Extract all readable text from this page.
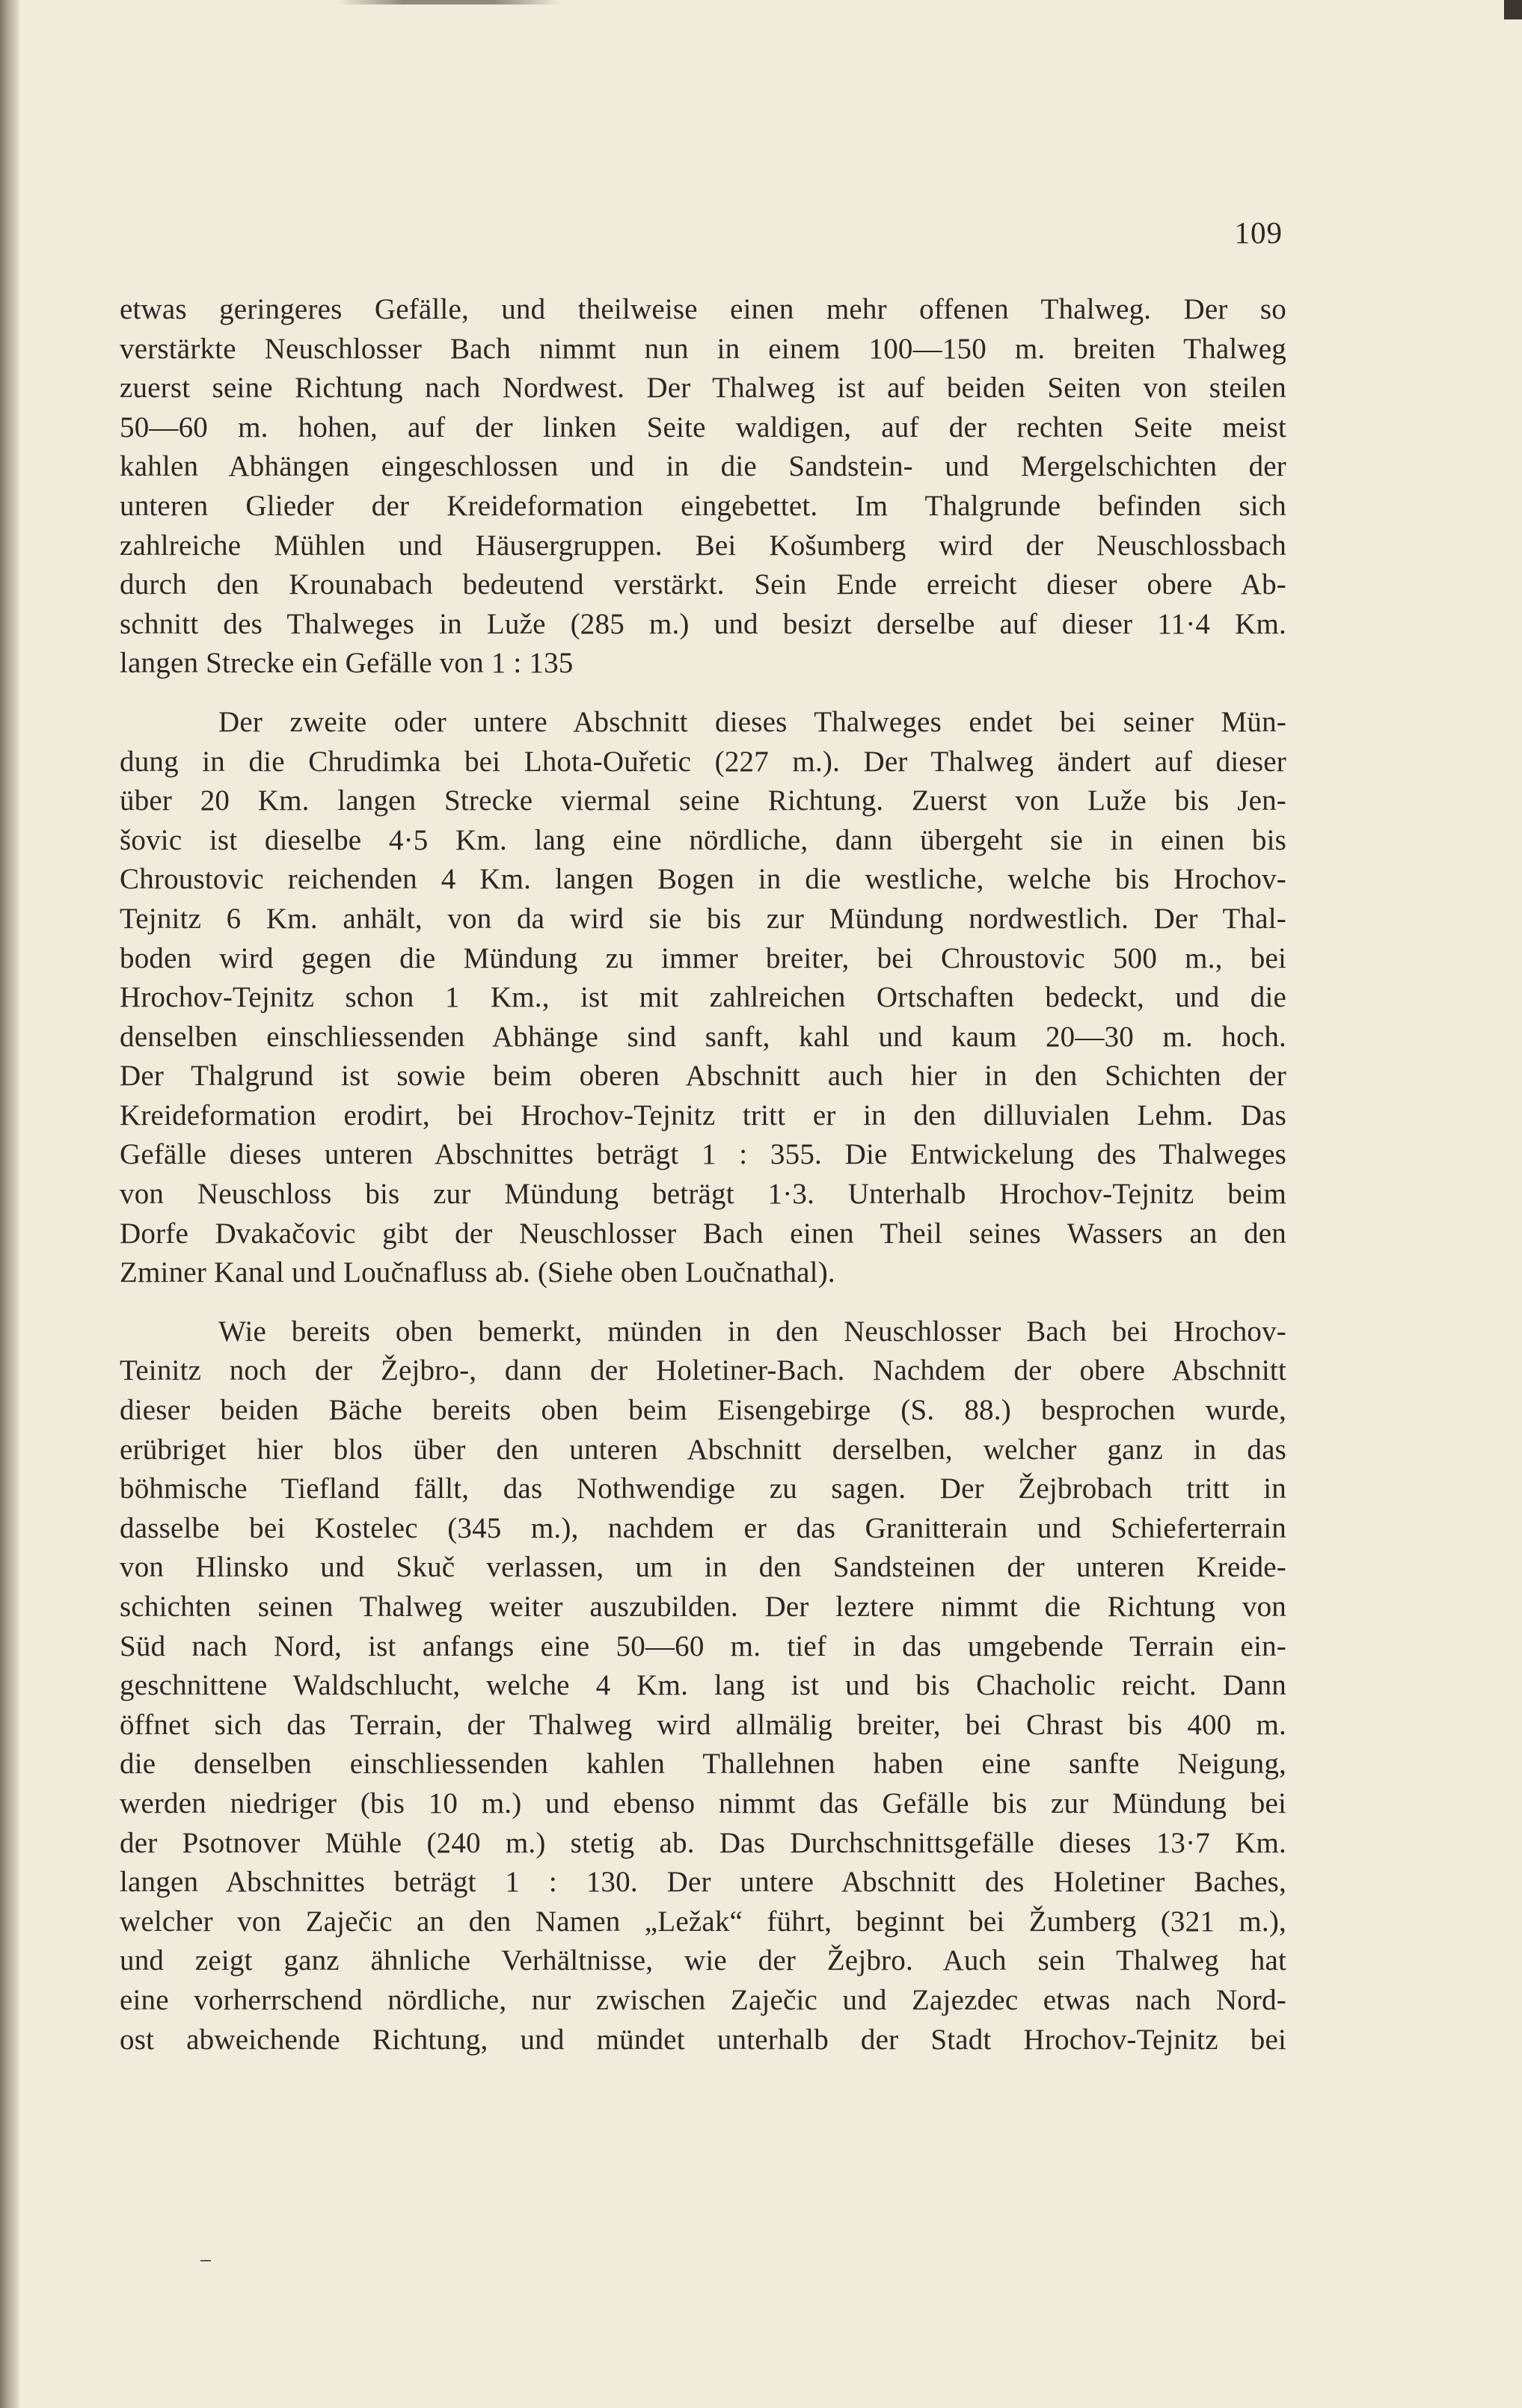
109
etwas geringeres Gefälle, und theilweise einen mehr offenen Thalweg. Der so
verstärkte Neuschlosser Bach nimmt nun in einem 100—150 m. breiten Thalweg
zuerst seine Richtung nach Nordwest. Der Thalweg ist auf beiden Seiten von steilen
50—60 m. hohen, auf der linken Seite waldigen, auf der rechten Seite meist
kahlen Abhängen eingeschlossen und in die Sandstein- und Mergelschichten der
unteren Glieder der Kreideformation eingebettet. Im Thalgrunde befinden sich
zahlreiche Mühlen und Häusergruppen. Bei Košumberg wird der Neuschlossbach
durch den Krounabach bedeutend verstärkt. Sein Ende erreicht dieser obere Ab-
schnitt des Thalweges in Luže (285 m.) und besizt derselbe auf dieser 11·4 Km.
langen Strecke ein Gefälle von 1 : 135
Der zweite oder untere Abschnitt dieses Thalweges endet bei seiner Mün-
dung in die Chrudimka bei Lhota-Ouřetic (227 m.). Der Thalweg ändert auf dieser
über 20 Km. langen Strecke viermal seine Richtung. Zuerst von Luže bis Jen-
šovic ist dieselbe 4·5 Km. lang eine nördliche, dann übergeht sie in einen bis
Chroustovic reichenden 4 Km. langen Bogen in die westliche, welche bis Hrochov-
Tejnitz 6 Km. anhält, von da wird sie bis zur Mündung nordwestlich. Der Thal-
boden wird gegen die Mündung zu immer breiter, bei Chroustovic 500 m., bei
Hrochov-Tejnitz schon 1 Km., ist mit zahlreichen Ortschaften bedeckt, und die
denselben einschliessenden Abhänge sind sanft, kahl und kaum 20—30 m. hoch.
Der Thalgrund ist sowie beim oberen Abschnitt auch hier in den Schichten der
Kreideformation erodirt, bei Hrochov-Tejnitz tritt er in den dilluvialen Lehm. Das
Gefälle dieses unteren Abschnittes beträgt 1 : 355. Die Entwickelung des Thalweges
von Neuschloss bis zur Mündung beträgt 1·3. Unterhalb Hrochov-Tejnitz beim
Dorfe Dvakačovic gibt der Neuschlosser Bach einen Theil seines Wassers an den
Zminer Kanal und Loučnafluss ab. (Siehe oben Loučnathal).
Wie bereits oben bemerkt, münden in den Neuschlosser Bach bei Hrochov-
Teinitz noch der Žejbro-, dann der Holetiner-Bach. Nachdem der obere Abschnitt
dieser beiden Bäche bereits oben beim Eisengebirge (S. 88.) besprochen wurde,
erübriget hier blos über den unteren Abschnitt derselben, welcher ganz in das
böhmische Tiefland fällt, das Nothwendige zu sagen. Der Žejbrobach tritt in
dasselbe bei Kostelec (345 m.), nachdem er das Granitterain und Schieferterrain
von Hlinsko und Skuč verlassen, um in den Sandsteinen der unteren Kreide-
schichten seinen Thalweg weiter auszubilden. Der leztere nimmt die Richtung von
Süd nach Nord, ist anfangs eine 50—60 m. tief in das umgebende Terrain ein-
geschnittene Waldschlucht, welche 4 Km. lang ist und bis Chacholic reicht. Dann
öffnet sich das Terrain, der Thalweg wird allmälig breiter, bei Chrast bis 400 m.
die denselben einschliessenden kahlen Thallehnen haben eine sanfte Neigung,
werden niedriger (bis 10 m.) und ebenso nimmt das Gefälle bis zur Mündung bei
der Psotnover Mühle (240 m.) stetig ab. Das Durchschnittsgefälle dieses 13·7 Km.
langen Abschnittes beträgt 1 : 130. Der untere Abschnitt des Holetiner Baches,
welcher von Zaječic an den Namen „Ležak“ führt, beginnt bei Žumberg (321 m.),
und zeigt ganz ähnliche Verhältnisse, wie der Žejbro. Auch sein Thalweg hat
eine vorherrschend nördliche, nur zwischen Zaječic und Zajezdec etwas nach Nord-
ost abweichende Richtung, und mündet unterhalb der Stadt Hrochov-Tejnitz bei
